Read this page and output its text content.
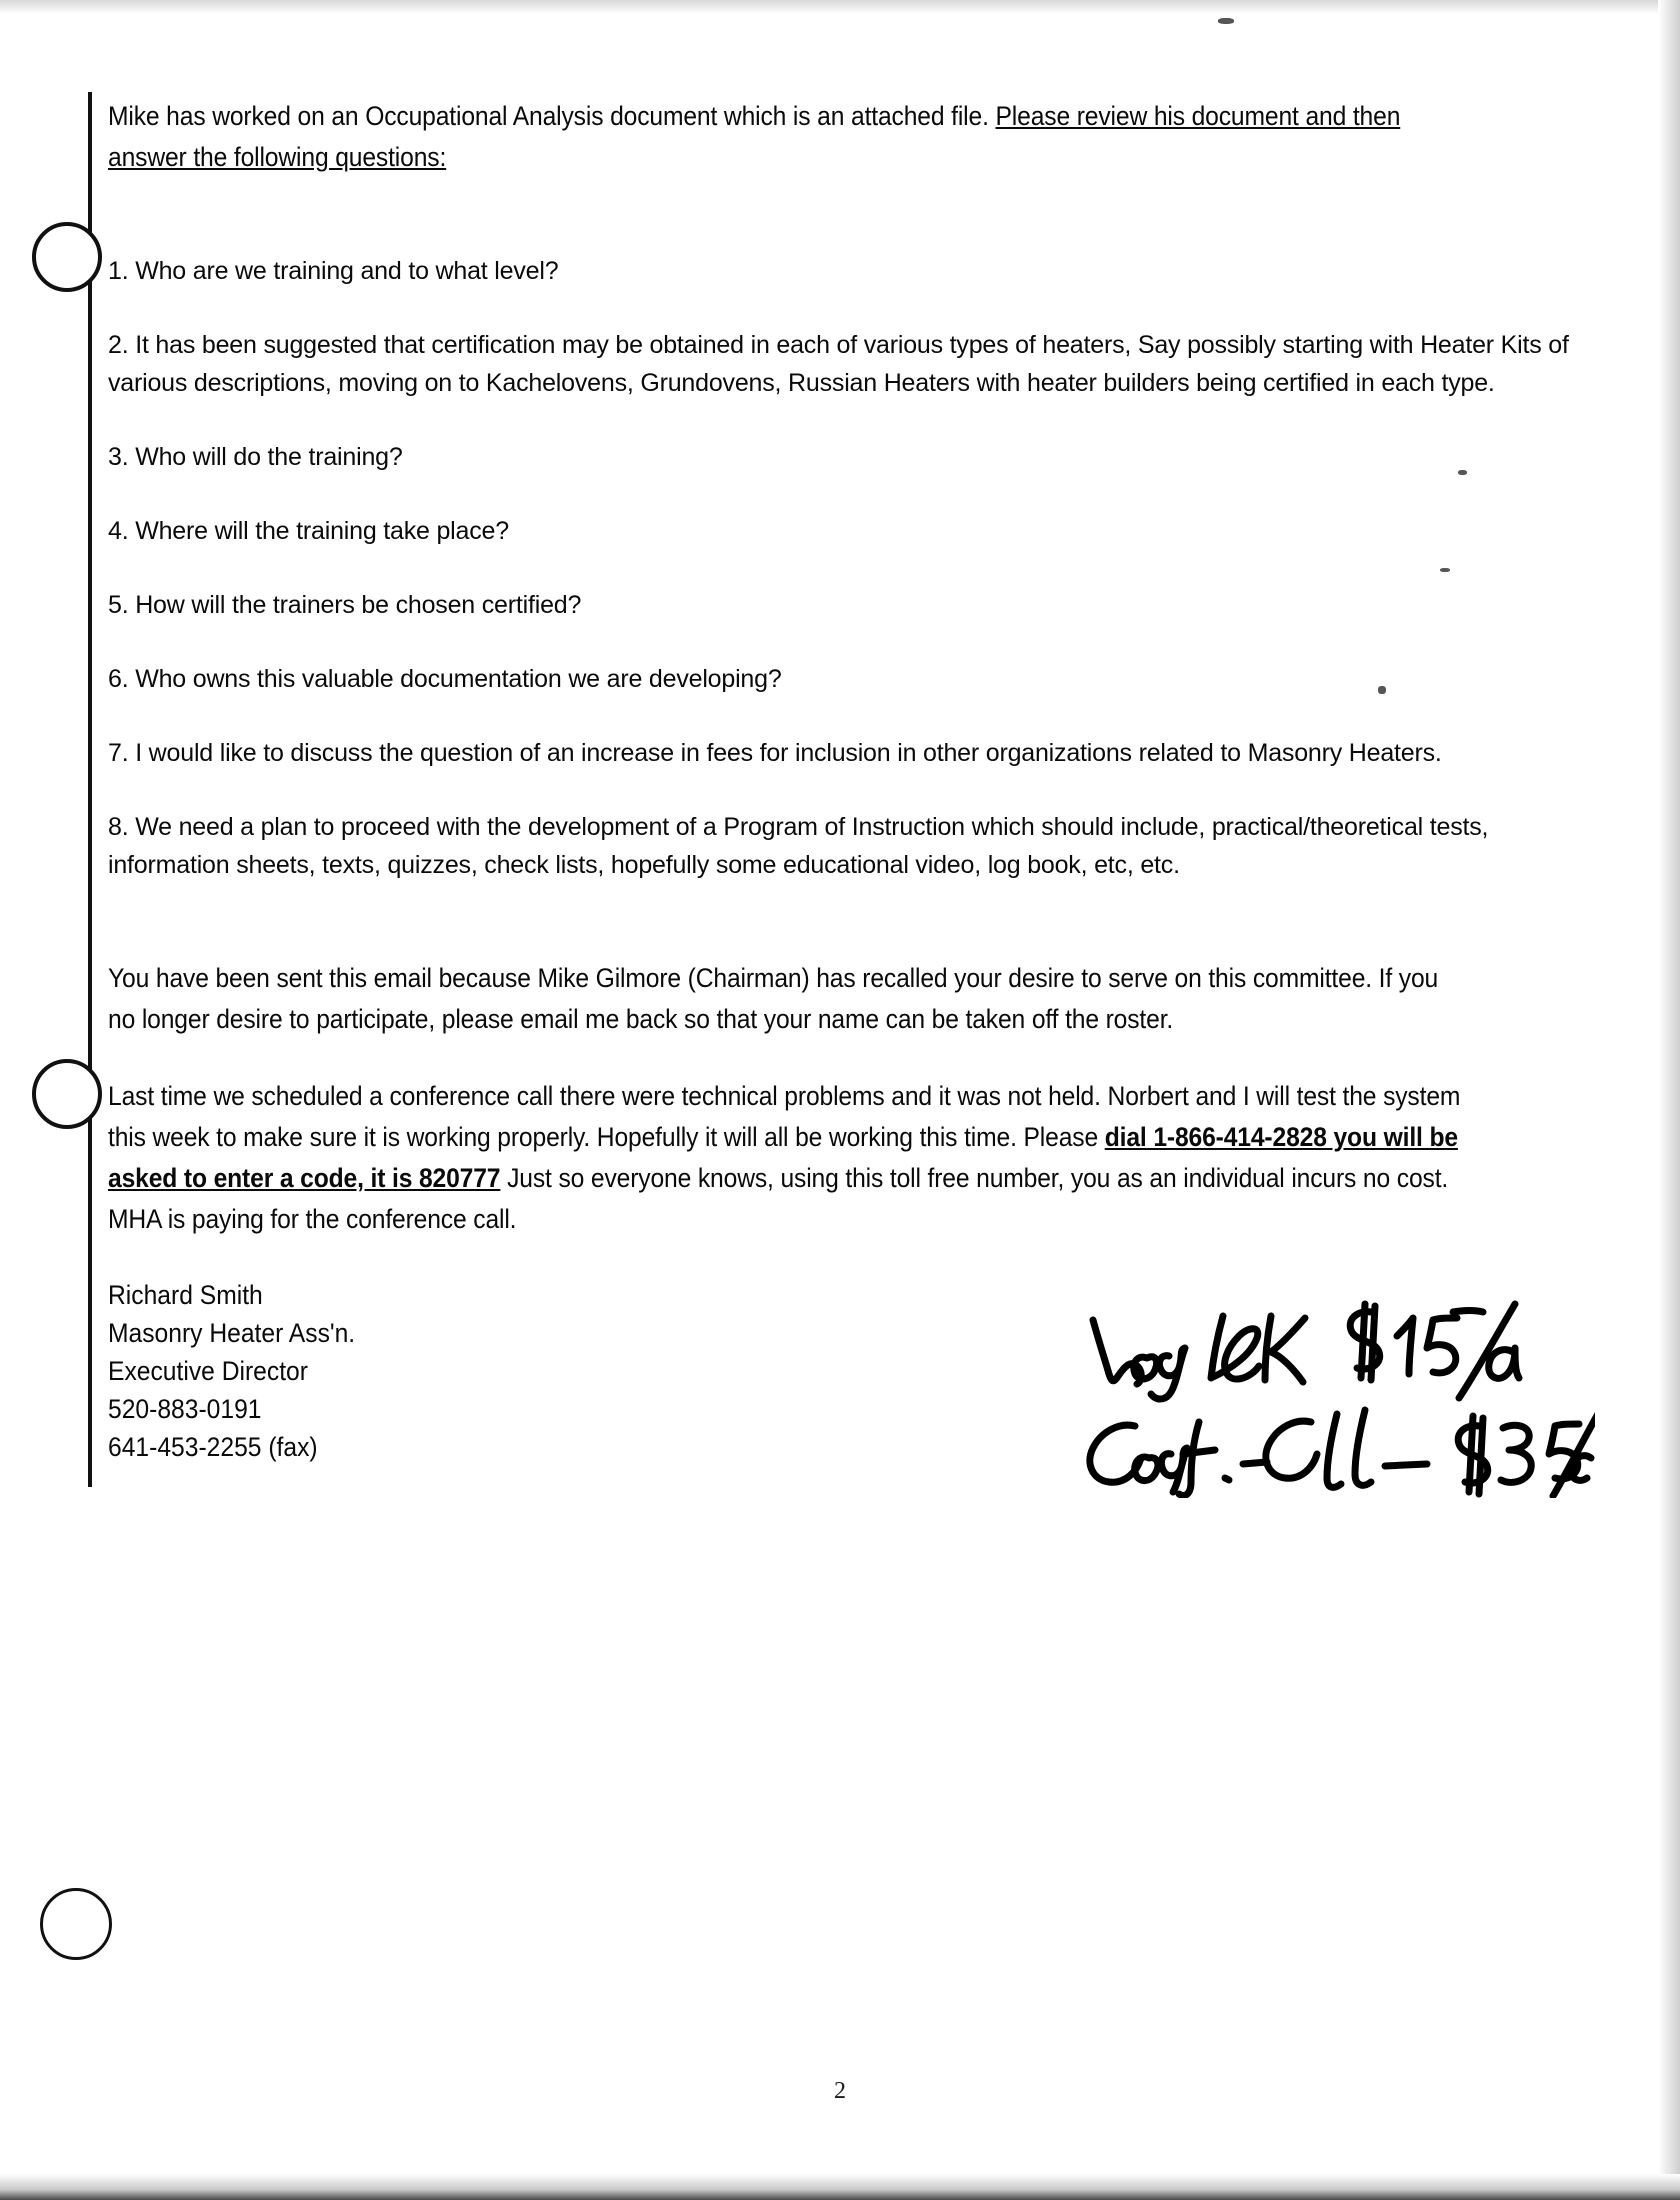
Mike has worked on an Occupational Analysis document which is an attached file. Please review his document and then answer the following questions:

1. Who are we training and to what level?

2. It has been suggested that certification may be obtained in each of various types of heaters, Say possibly starting with Heater Kits of various descriptions, moving on to Kachelovens, Grundovens, Russian Heaters with heater builders being certified in each type.

3. Who will do the training?

4. Where will the training take place?

5. How will the trainers be chosen certified?

6. Who owns this valuable documentation we are developing?

7. I would like to discuss the question of an increase in fees for inclusion in other organizations related to Masonry Heaters.

8. We need a plan to proceed with the development of a Program of Instruction which should include, practical/theoretical tests, information sheets, texts, quizzes, check lists, hopefully some educational video, log book, etc, etc.

You have been sent this email because Mike Gilmore (Chairman) has recalled your desire to serve on this committee. If you no longer desire to participate, please email me back so that your name can be taken off the roster.

Last time we scheduled a conference call there were technical problems and it was not held. Norbert and I will test the system this week to make sure it is working properly. Hopefully it will all be working this time. Please dial 1-866-414-2828 you will be asked to enter a code, it is 820777 Just so everyone knows, using this toll free number, you as an individual incurs no cost. MHA is paying for the conference call.

Richard Smith
Masonry Heater Ass'n.
Executive Director
520-883-0191
641-453-2255 (fax)
2
